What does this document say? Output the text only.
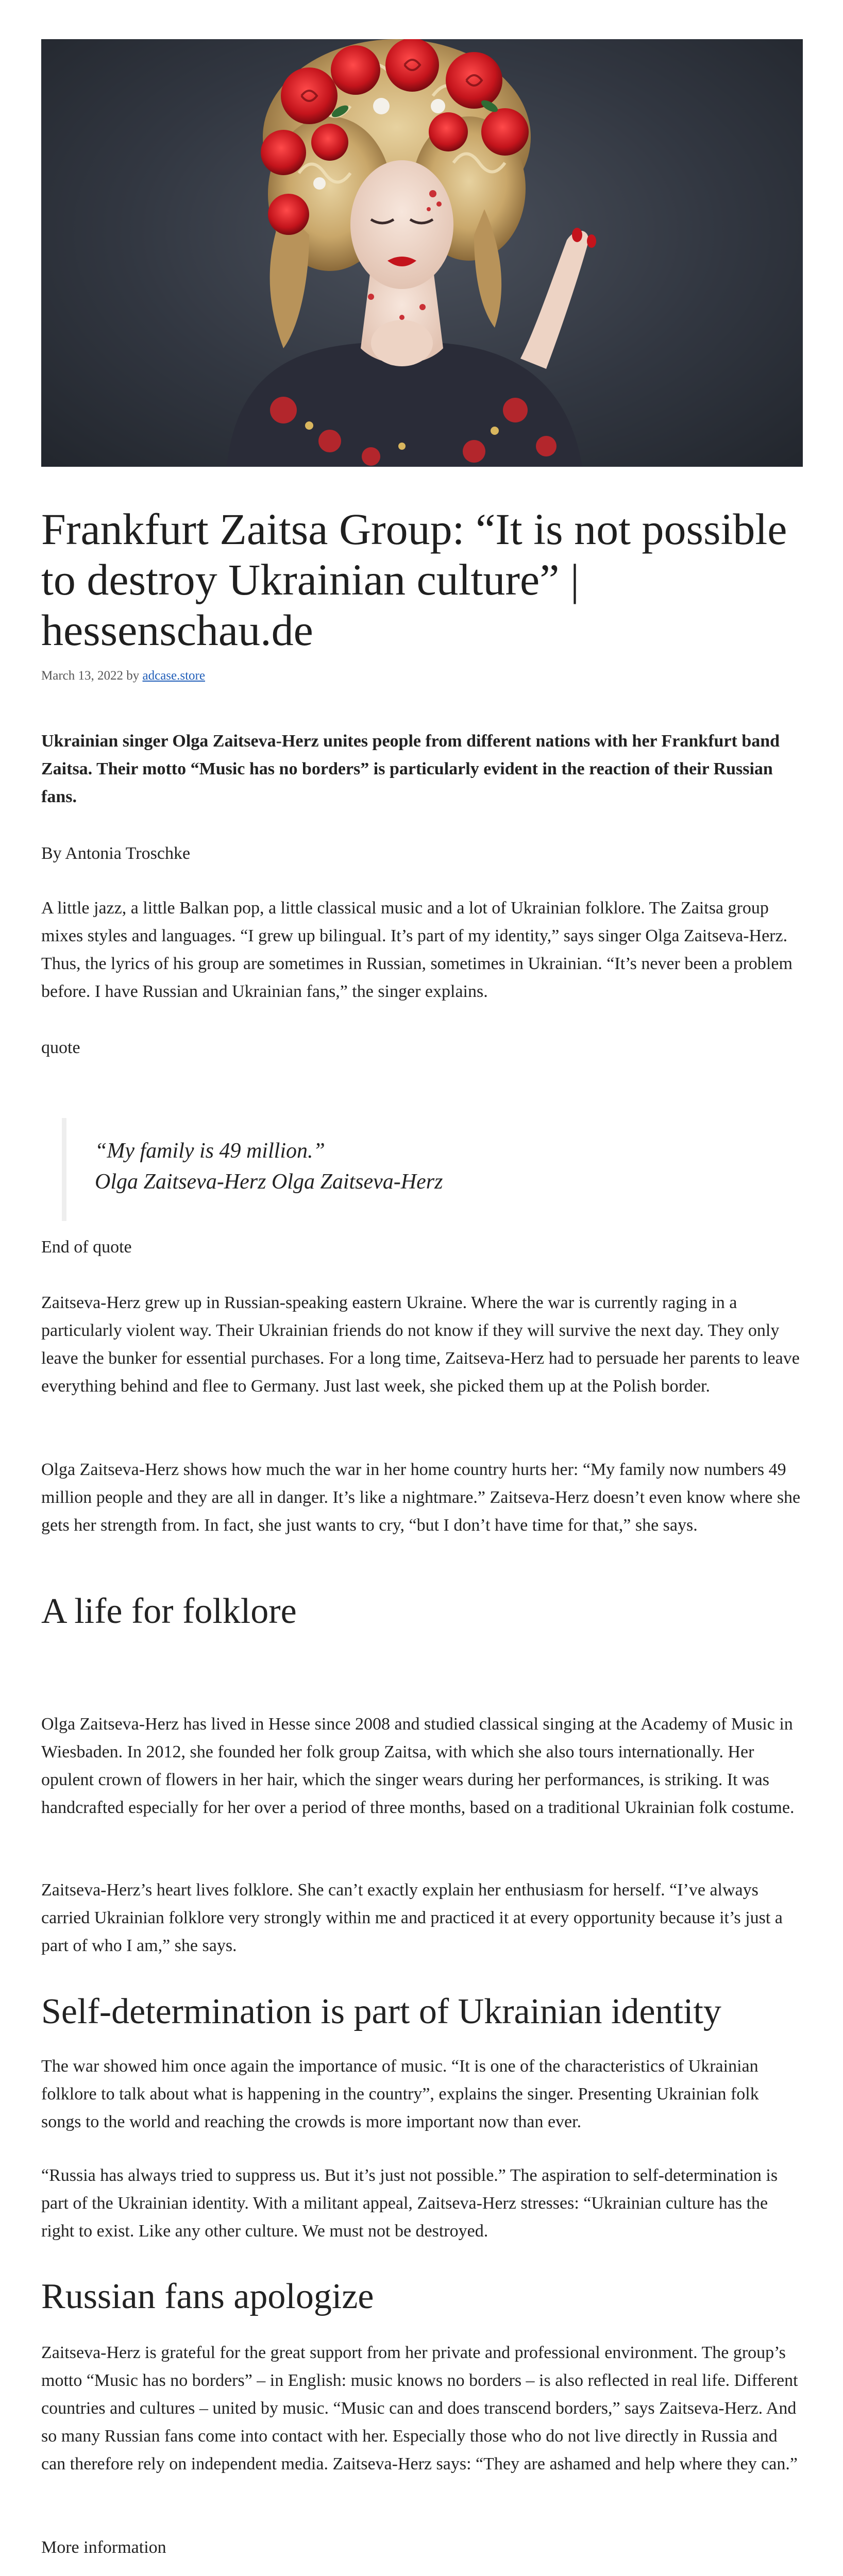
Frankfurt Zaitsa Group: “It is not possible to destroy Ukrainian culture” | hessenschau.de
March 13, 2022 by adcase.store

Ukrainian singer Olga Zaitseva-Herz unites people from different nations with her Frankfurt band Zaitsa. Their motto “Music has no borders” is particularly evident in the reaction of their Russian fans.

By Antonia Troschke

A little jazz, a little Balkan pop, a little classical music and a lot of Ukrainian folklore. The Zaitsa group mixes styles and languages. “I grew up bilingual. It’s part of my identity,” says singer Olga Zaitseva-Herz. Thus, the lyrics of his group are sometimes in Russian, sometimes in Ukrainian. “It’s never been a problem before. I have Russian and Ukrainian fans,” the singer explains.

quote

“My family is 49 million.”
Olga Zaitseva-Herz Olga Zaitseva-Herz

End of quote

Zaitseva-Herz grew up in Russian-speaking eastern Ukraine. Where the war is currently raging in a particularly violent way. Their Ukrainian friends do not know if they will survive the next day. They only leave the bunker for essential purchases. For a long time, Zaitseva-Herz had to persuade her parents to leave everything behind and flee to Germany. Just last week, she picked them up at the Polish border.

Olga Zaitseva-Herz shows how much the war in her home country hurts her: “My family now numbers 49 million people and they are all in danger. It’s like a nightmare.” Zaitseva-Herz doesn’t even know where she gets her strength from. In fact, she just wants to cry, “but I don’t have time for that,” she says.

A life for folklore

Olga Zaitseva-Herz has lived in Hesse since 2008 and studied classical singing at the Academy of Music in Wiesbaden. In 2012, she founded her folk group Zaitsa, with which she also tours internationally. Her opulent crown of flowers in her hair, which the singer wears during her performances, is striking. It was handcrafted especially for her over a period of three months, based on a traditional Ukrainian folk costume.

Zaitseva-Herz’s heart lives folklore. She can’t exactly explain her enthusiasm for herself. “I’ve always carried Ukrainian folklore very strongly within me and practiced it at every opportunity because it’s just a part of who I am,” she says.

Self-determination is part of Ukrainian identity

The war showed him once again the importance of music. “It is one of the characteristics of Ukrainian folklore to talk about what is happening in the country”, explains the singer. Presenting Ukrainian folk songs to the world and reaching the crowds is more important now than ever.

“Russia has always tried to suppress us. But it’s just not possible.” The aspiration to self-determination is part of the Ukrainian identity. With a militant appeal, Zaitseva-Herz stresses: “Ukrainian culture has the right to exist. Like any other culture. We must not be destroyed.

Russian fans apologize

Zaitseva-Herz is grateful for the great support from her private and professional environment. The group’s motto “Music has no borders” – in English: music knows no borders – is also reflected in real life. Different countries and cultures – united by music. “Music can and does transcend borders,” says Zaitseva-Herz. And so many Russian fans come into contact with her. Especially those who do not live directly in Russia and can therefore rely on independent media. Zaitseva-Herz says: “They are ashamed and help where they can.”

More information
